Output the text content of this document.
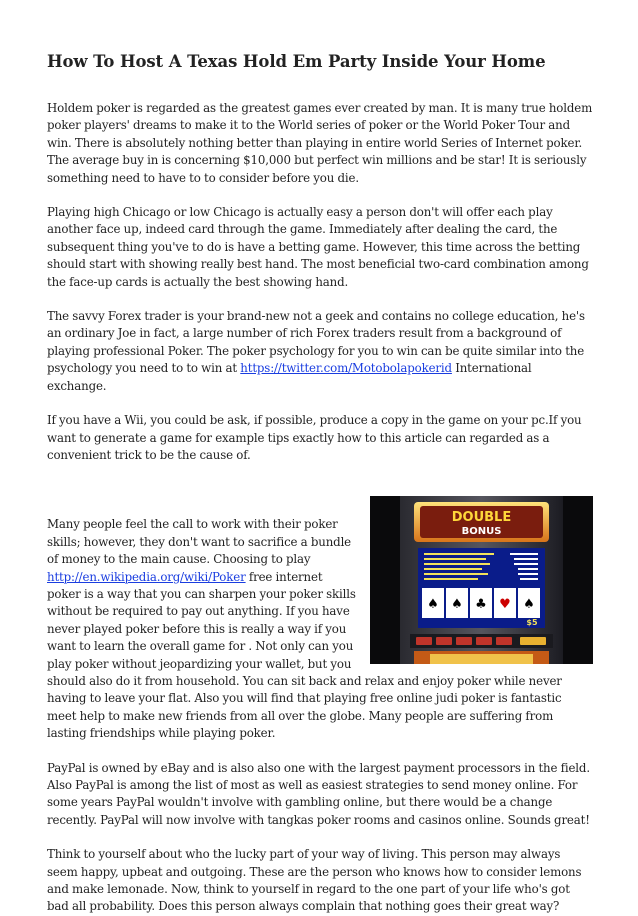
How To Host A Texas Hold Em Party Inside Your Home

Holdem poker is regarded as the greatest games ever created by man. It is many true holdem poker players' dreams to make it to the World series of poker or the World Poker Tour and win. There is absolutely nothing better than playing in entire world Series of Internet poker. The average buy in is concerning $10,000 but perfect win millions and be star! It is seriously something need to have to to consider before you die.

Playing high Chicago or low Chicago is actually easy a person don't will offer each play another face up, indeed card through the game. Immediately after dealing the card, the subsequent thing you've to do is have a betting game. However, this time across the betting should start with showing really best hand. The most beneficial two-card combination among the face-up cards is actually the best showing hand.

The savvy Forex trader is your brand-new not a geek and contains no college education, he's an ordinary Joe in fact, a large number of rich Forex traders result from a background of playing professional Poker. The poker psychology for you to win can be quite similar into the psychology you need to to win at https://twitter.com/Motobolapokerid International exchange.

If you have a Wii, you could be ask, if possible, produce a copy in the game on your pc.If you want to generate a game for example tips exactly how to this article can regarded as a convenient trick to be the cause of.

DOUBLE
BONUS
♠ ♠ ♣ ♥ ♠
$5

Many people feel the call to work with their poker skills; however, they don't want to sacrifice a bundle of money to the main cause. Choosing to play http://en.wikipedia.org/wiki/Poker free internet poker is a way that you can sharpen your poker skills without be required to pay out anything. If you have never played poker before this is really a way if you want to learn the overall game for . Not only can you play poker without jeopardizing your wallet, but you should also do it from household. You can sit back and relax and enjoy poker while never having to leave your flat. Also you will find that playing free online judi poker is fantastic meet help to make new friends from all over the globe. Many people are suffering from lasting friendships while playing poker.

PayPal is owned by eBay and is also also one with the largest payment processors in the field. Also PayPal is among the list of most as well as easiest strategies to send money online. For some years PayPal wouldn't involve with gambling online, but there would be a change recently. PayPal will now involve with tangkas poker rooms and casinos online. Sounds great!

Think to yourself about who the lucky part of your way of living. This person may always seem happy, upbeat and outgoing. These are the person who knows how to consider lemons and make lemonade. Now, think to yourself in regard to the one part of your life who's got bad all probability. Does this person always complain that nothing goes their great way?
